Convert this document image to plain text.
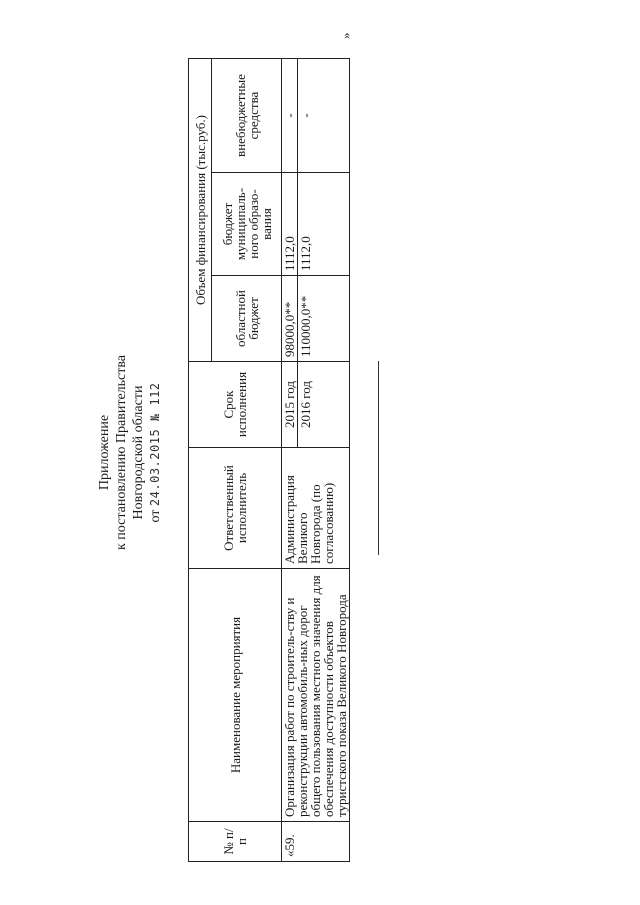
Приложение к постановлению Правительства Новгородской области от 24.03.2015 № 112
№ п/п	Наименование мероприятия	Ответственный исполнитель	Срок исполнения	Объем финансирования (тыс.руб.)		
				областной бюджет	бюджет муниципаль-ного образо-вания	внебюджетные средства
«59.	Организация работ по строитель-ству и реконструкции автомобиль-ных дорог общего пользования местного значения для обеспечения доступности объектов туристского показа Великого Новгорода	Администрация Великого Новгорода (по согласованию)	2015 год	98000,0**	1112,0	-
			2016 год	110000,0**	1112,0	-
»
